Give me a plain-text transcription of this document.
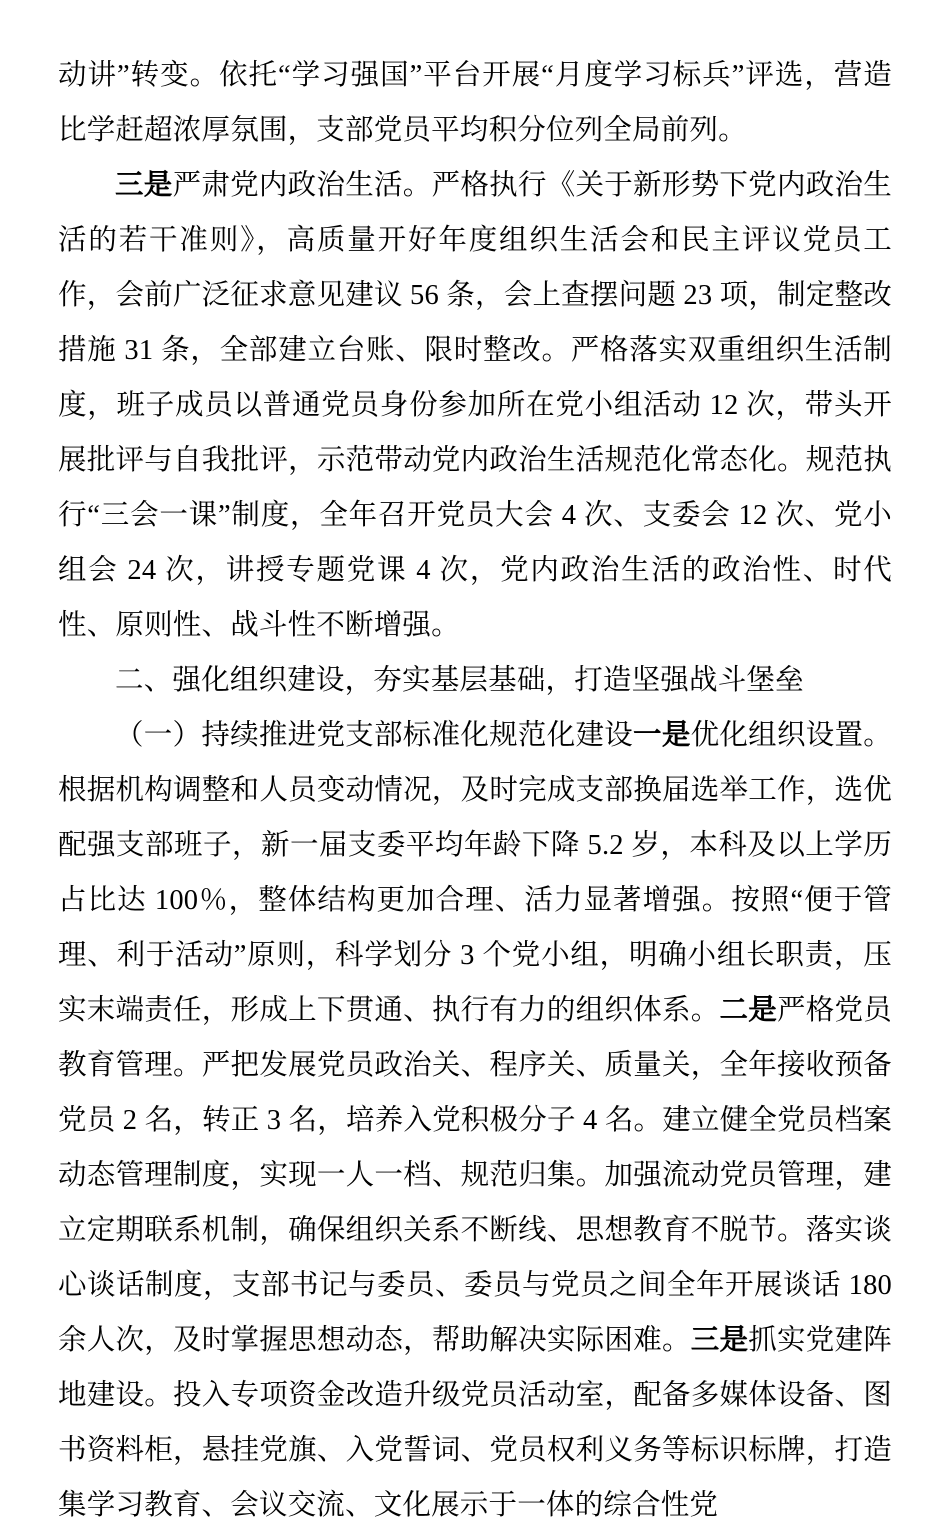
动讲”转变。依托“学习强国”平台开展“月度学习标兵”评选，营造比学赶超浓厚氛围，支部党员平均积分位列全局前列。

三是严肃党内政治生活。严格执行《关于新形势下党内政治生活的若干准则》，高质量开好年度组织生活会和民主评议党员工作，会前广泛征求意见建议 56 条，会上查摆问题 23 项，制定整改措施 31 条，全部建立台账、限时整改。严格落实双重组织生活制度，班子成员以普通党员身份参加所在党小组活动 12 次，带头开展批评与自我批评，示范带动党内政治生活规范化常态化。规范执行“三会一课”制度，全年召开党员大会 4 次、支委会 12 次、党小组会 24 次，讲授专题党课 4 次，党内政治生活的政治性、时代性、原则性、战斗性不断增强。

二、强化组织建设，夯实基层基础，打造坚强战斗堡垒

（一）持续推进党支部标准化规范化建设一是优化组织设置。根据机构调整和人员变动情况，及时完成支部换届选举工作，选优配强支部班子，新一届支委平均年龄下降 5.2 岁，本科及以上学历占比达 100％，整体结构更加合理、活力显著增强。按照“便于管理、利于活动”原则，科学划分 3 个党小组，明确小组长职责，压实末端责任，形成上下贯通、执行有力的组织体系。二是严格党员教育管理。严把发展党员政治关、程序关、质量关，全年接收预备党员 2 名，转正 3 名，培养入党积极分子 4 名。建立健全党员档案动态管理制度，实现一人一档、规范归集。加强流动党员管理，建立定期联系机制，确保组织关系不断线、思想教育不脱节。落实谈心谈话制度，支部书记与委员、委员与党员之间全年开展谈话 180 余人次，及时掌握思想动态，帮助解决实际困难。三是抓实党建阵地建设。投入专项资金改造升级党员活动室，配备多媒体设备、图书资料柜，悬挂党旗、入党誓词、党员权利义务等标识标牌，打造集学习教育、会议交流、文化展示于一体的综合性党
